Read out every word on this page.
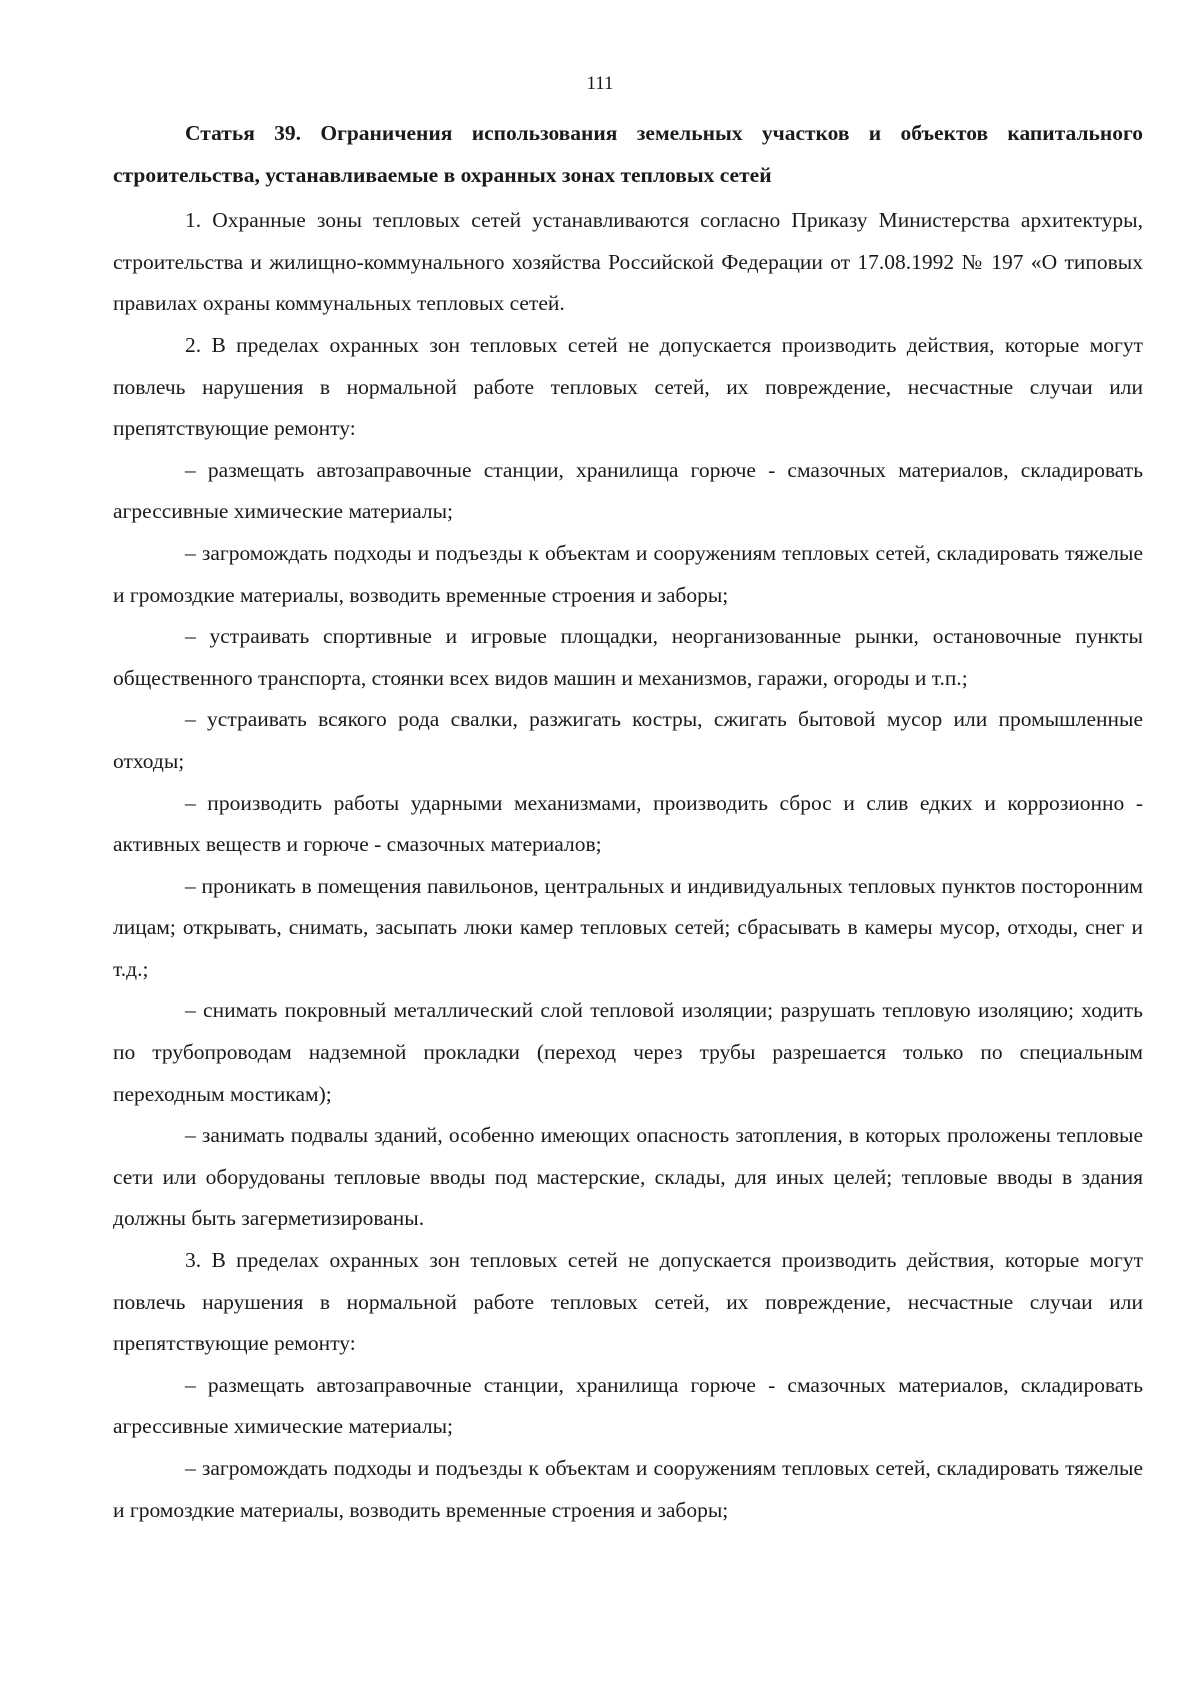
111

Статья 39. Ограничения использования земельных участков и объектов капитального строительства, устанавливаемые в охранных зонах тепловых сетей

1. Охранные зоны тепловых сетей устанавливаются согласно Приказу Министерства архитектуры, строительства и жилищно-коммунального хозяйства Российской Федерации от 17.08.1992 № 197 «О типовых правилах охраны коммунальных тепловых сетей.

2. В пределах охранных зон тепловых сетей не допускается производить действия, которые могут повлечь нарушения в нормальной работе тепловых сетей, их повреждение, несчастные случаи или препятствующие ремонту:

– размещать автозаправочные станции, хранилища горюче - смазочных материалов, складировать агрессивные химические материалы;

– загромождать подходы и подъезды к объектам и сооружениям тепловых сетей, складировать тяжелые и громоздкие материалы, возводить временные строения и заборы;

– устраивать спортивные и игровые площадки, неорганизованные рынки, остановочные пункты общественного транспорта, стоянки всех видов машин и механизмов, гаражи, огороды и т.п.;

– устраивать всякого рода свалки, разжигать костры, сжигать бытовой мусор или промышленные отходы;

– производить работы ударными механизмами, производить сброс и слив едких и коррозионно - активных веществ и горюче - смазочных материалов;

– проникать в помещения павильонов, центральных и индивидуальных тепловых пунктов посторонним лицам; открывать, снимать, засыпать люки камер тепловых сетей; сбрасывать в камеры мусор, отходы, снег и т.д.;

– снимать покровный металлический слой тепловой изоляции; разрушать тепловую изоляцию; ходить по трубопроводам надземной прокладки (переход через трубы разрешается только по специальным переходным мостикам);

– занимать подвалы зданий, особенно имеющих опасность затопления, в которых проложены тепловые сети или оборудованы тепловые вводы под мастерские, склады, для иных целей; тепловые вводы в здания должны быть загерметизированы.

3. В пределах охранных зон тепловых сетей не допускается производить действия, которые могут повлечь нарушения в нормальной работе тепловых сетей, их повреждение, несчастные случаи или препятствующие ремонту:

– размещать автозаправочные станции, хранилища горюче - смазочных материалов, складировать агрессивные химические материалы;

– загромождать подходы и подъезды к объектам и сооружениям тепловых сетей, складировать тяжелые и громоздкие материалы, возводить временные строения и заборы;
